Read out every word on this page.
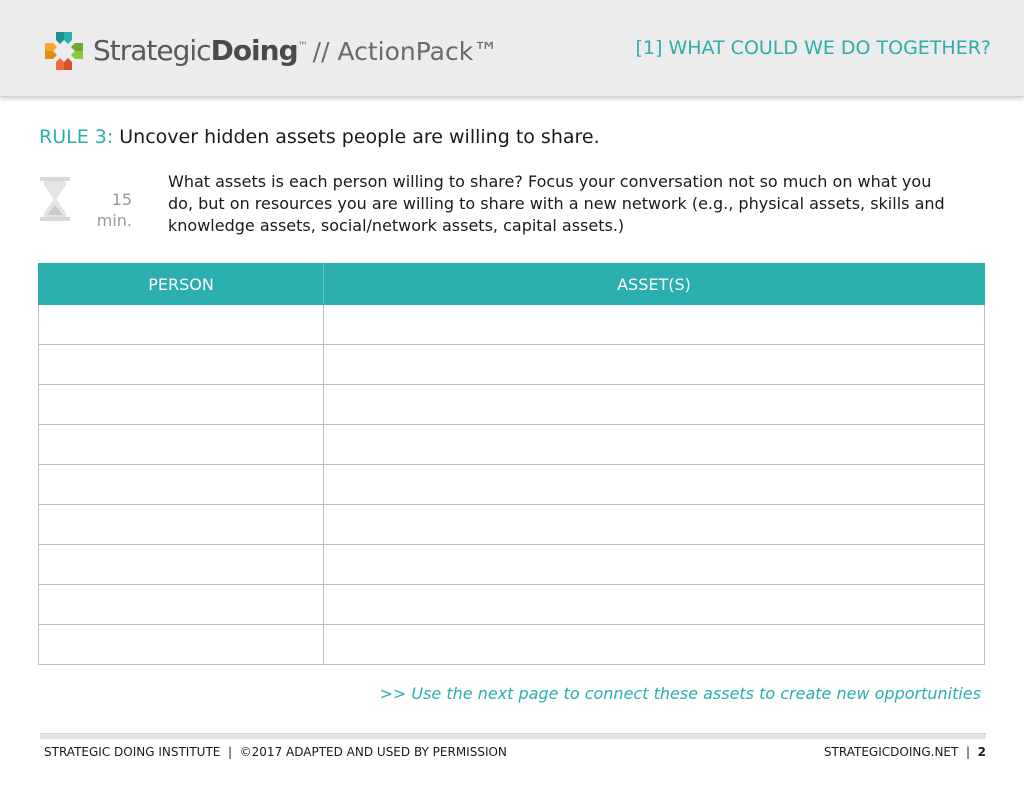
StrategicDoing™ // ActionPack™	[1] WHAT COULD WE DO TOGETHER?
RULE 3: Uncover hidden assets people are willing to share.
15
min.
What assets is each person willing to share? Focus your conversation not so much on what you do, but on resources you are willing to share with a new network (e.g., physical assets, skills and knowledge assets, social/network assets, capital assets.)
PERSON	ASSET(S)

>> Use the next page to connect these assets to create new opportunities
STRATEGIC DOING INSTITUTE  |  ©2017 ADAPTED AND USED BY PERMISSION	STRATEGICDOING.NET  |  2
